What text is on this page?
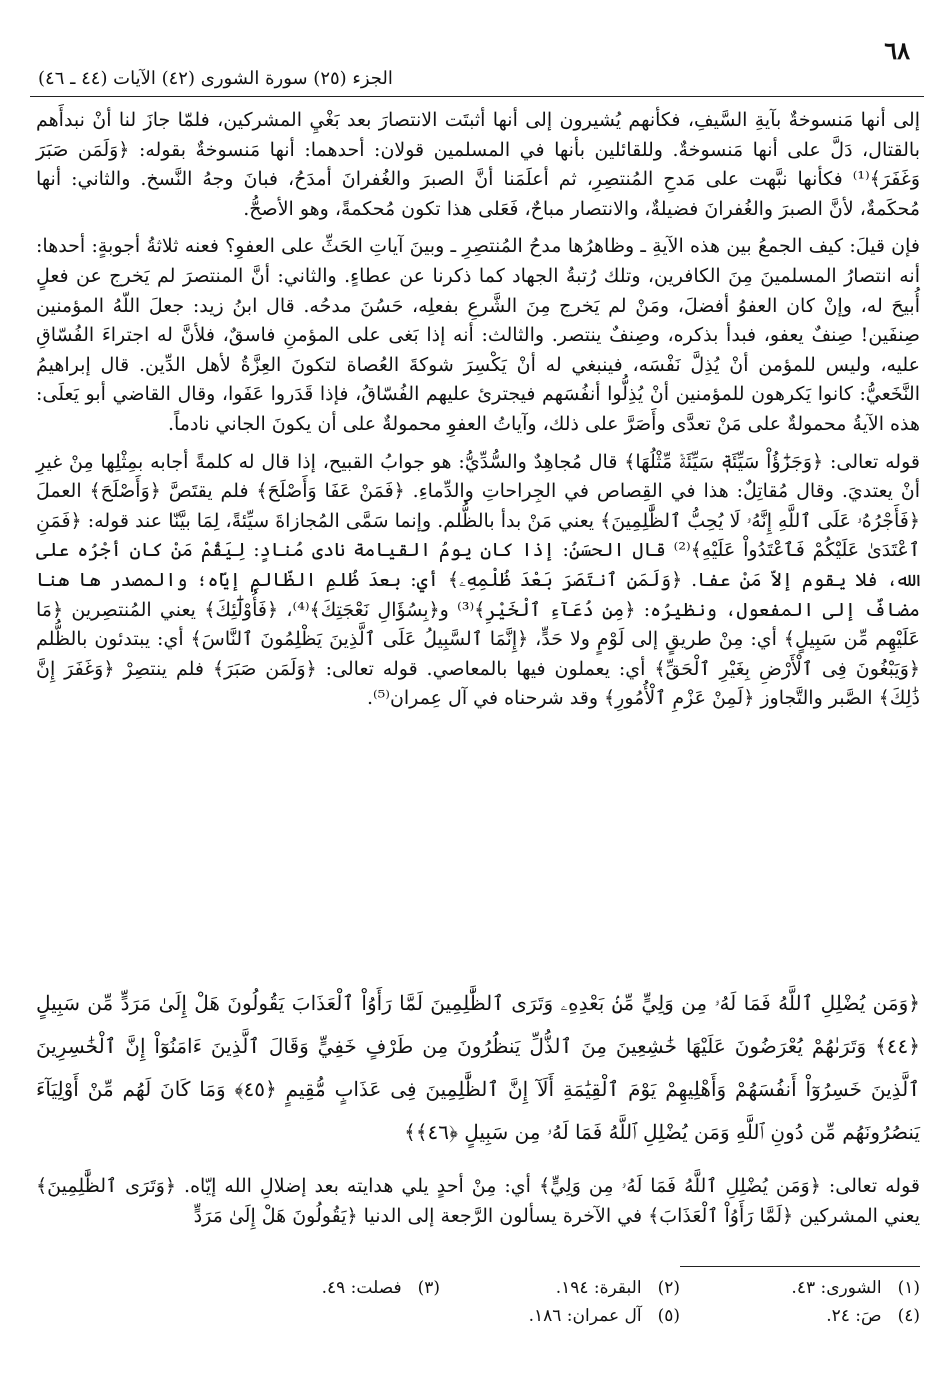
٦٨
الجزء (٢٥) سورة الشورى (٤٢) الآيات (٤٤ ـ ٤٦)

إلى أنها مَنسوخةٌ بآيةِ السَّيفِ، فكأنهم يُشيرون إلى أنها أثبتَت الانتصارَ بعد بَغْيِ المشركين، فلمّا جازَ لنا أنْ نبدأَهم بالقتال، دَلَّ على أنها مَنسوخةٌ. وللقائلين بأنها في المسلمين قولان: أحدهما: أنها مَنسوخةٌ بقوله: ﴿وَلَمَن صَبَرَ وَغَفَرَ﴾⁽¹⁾ فكأنها نبَّهت على مَدحِ المُنتصِرِ، ثم أعلَمَنا أنَّ الصبرَ والغُفرانَ أمدَحُ، فبانَ وجهُ النَّسخ. والثاني: أنها مُحكَمةٌ، لأنَّ الصبرَ والغُفرانَ فضيلةٌ، والانتصار مباحٌ، فَعَلى هذا تكون مُحكمةً، وهو الأصحُّ.

فإن قيلَ: كيف الجمعُ بين هذه الآيةِ ـ وظاهرُها مدحُ المُنتصِرِ ـ وبينَ آياتِ الحَثِّ على العفوِ؟ فعنه ثلاثةُ أجوبةٍ: أحدها: أنه انتصارُ المسلمينَ مِنَ الكافرين، وتلك رُتبةُ الجهاد كما ذكرنا عن عطاءٍ. والثاني: أنَّ المنتصرَ لم يَخرج عن فعلٍ أُبيحَ له، وإنْ كان العفوُ أفضلَ، ومَنْ لم يَخرج مِنَ الشَّرعِ بفعلِه، حَسُنَ مدحُه. قال ابنُ زيد: جعلَ اللّهُ المؤمنين صِنفَين! صِنفٌ يعفو، فبدأ بذكره، وصِنفٌ ينتصر. والثالث: أنه إذا بَغى على المؤمنِ فاسقٌ، فلأنَّ له اجتراءَ الفُسّاقِ عليه، وليس للمؤمن أنْ يُذِلَّ نَفْسَه، فينبغي له أنْ يَكْسِرَ شوكةَ العُصاة لتكونَ العِزَّةُ لأهل الدِّين. قال إبراهيمُ النَّخَعيُّ: كانوا يَكرهون للمؤمنين أنْ يُذِلُّوا أنفُسَهم فيجترئ عليهم الفُسّاقُ، فإذا قَدَروا عَفَوا، وقال القاضي أبو يَعلَى: هذه الآيةُ محمولةٌ على مَنْ تعدَّى وأَصَرَّ على ذلك، وآياتُ العفوِ محمولةٌ على أن يكونَ الجاني نادماً.

قوله تعالى: ﴿وَجَزَٰٓؤُاْ سَيِّئَةٖ سَيِّئَةٞ مِّثْلُهَا﴾ قال مُجاهِدٌ والسُّدِّيُّ: هو جوابُ القبيح، إذا قال له كلمةً أجابه بمِثْلِها مِنْ غيرِ أنْ يعتديَ. وقال مُقاتِلٌ: هذا في القِصاص في الجِراحاتِ والدِّماءِ. ﴿فَمَنْ عَفَا وَأَصْلَحَ﴾ فلم يقتَصَّ ﴿وَأَصْلَحَ﴾ العملَ ﴿فَأَجْرُهُۥ عَلَى ٱللَّهِ إِنَّهُۥ لَا يُحِبُّ ٱلظَّٰلِمِينَ﴾ يعني مَنْ بدأ بالظُّلم. وإنما سَمَّى المُجازاةَ سيِّئةً، لِمَا بيَّنّا عند قوله: ﴿فَمَنِ ٱعْتَدَىٰ عَلَيْكُمْ فَٱعْتَدُواْ عَلَيْهِ﴾⁽²⁾ قال الحسَنُ: إذا كان يومُ القيامة نادى مُنادٍ: لِيَقُمْ مَنْ كان أجْرُه على الله، فلا يقوم إلاّ مَنْ عفا. ﴿وَلَمَنِ ٱنتَصَرَ بَعْدَ ظُلْمِهِۦ﴾ أي: بعدَ ظُلمِ الظّالمِ إيّاه؛ والمصدر ها هنا مضافٌ إلى المفعول، ونظيرُه: ﴿مِن دُعَآءِ ٱلْخَيْرِ﴾⁽³⁾ و﴿بِسُؤَالِ نَعْجَتِكَ﴾⁽⁴⁾، ﴿فَأُوْلَٰٓئِكَ﴾ يعني المُنتصِرين ﴿مَا عَلَيْهِم مِّن سَبِيلٍ﴾ أي: مِنْ طريقٍ إلى لَوْمٍ ولا حَدٍّ، ﴿إِنَّمَا ٱلسَّبِيلُ عَلَى ٱلَّذِينَ يَظْلِمُونَ ٱلنَّاسَ﴾ أي: يبتدئون بالظُّلم ﴿وَيَبْغُونَ فِى ٱلْأَرْضِ بِغَيْرِ ٱلْحَقِّ﴾ أي: يعملون فيها بالمعاصي. قوله تعالى: ﴿وَلَمَن صَبَرَ﴾ فلم ينتصِرْ ﴿وَغَفَرَ إِنَّ ذَٰلِكَ﴾ الصَّبر والتَّجاوز ﴿لَمِنْ عَزْمِ ٱلْأُمُورِ﴾ وقد شرحناه في آل عِمران⁽⁵⁾.

﴿وَمَن يُضْلِلِ ٱللَّهُ فَمَا لَهُۥ مِن وَلِيٍّ مِّنۢ بَعْدِهِۦ وَتَرَى ٱلظَّٰلِمِينَ لَمَّا رَأَوُاْ ٱلْعَذَابَ يَقُولُونَ هَلْ إِلَىٰ مَرَدٍّ مِّن سَبِيلٍ ﴿٤٤﴾ وَتَرَىٰهُمْ يُعْرَضُونَ عَلَيْهَا خَٰشِعِينَ مِنَ ٱلذُّلِّ يَنظُرُونَ مِن طَرْفٍ خَفِيٍّ وَقَالَ ٱلَّذِينَ ءَامَنُوٓاْ إِنَّ ٱلْخَٰسِرِينَ ٱلَّذِينَ خَسِرُوٓاْ أَنفُسَهُمْ وَأَهْلِيهِمْ يَوْمَ ٱلْقِيَٰمَةِ أَلَآ إِنَّ ٱلظَّٰلِمِينَ فِى عَذَابٍ مُّقِيمٍ ﴿٤٥﴾ وَمَا كَانَ لَهُم مِّنْ أَوْلِيَآءَ يَنصُرُونَهُم مِّن دُونِ ٱللَّهِ وَمَن يُضْلِلِ ٱللَّهُ فَمَا لَهُۥ مِن سَبِيلٍ ﴿٤٦﴾﴾
قوله تعالى: ﴿وَمَن يُضْلِلِ ٱللَّهُ فَمَا لَهُۥ مِن وَلِيٍّ﴾ أي: مِنْ أحدٍ يلي هدايته بعد إضلالِ الله إيّاه. ﴿وَتَرَى ٱلظَّٰلِمِينَ﴾ يعني المشركين ﴿لَمَّا رَأَوُاْ ٱلْعَذَابَ﴾ في الآخرة يسألون الرَّجعة إلى الدنيا ﴿يَقُولُونَ هَلْ إِلَىٰ مَرَدٍّ
(١)الشورى: ٤٣.
(٢)البقرة: ١٩٤.
(٣)فصلت: ٤٩.
(٤)صَ: ٢٤.
(٥)آل عمران: ١٨٦.
